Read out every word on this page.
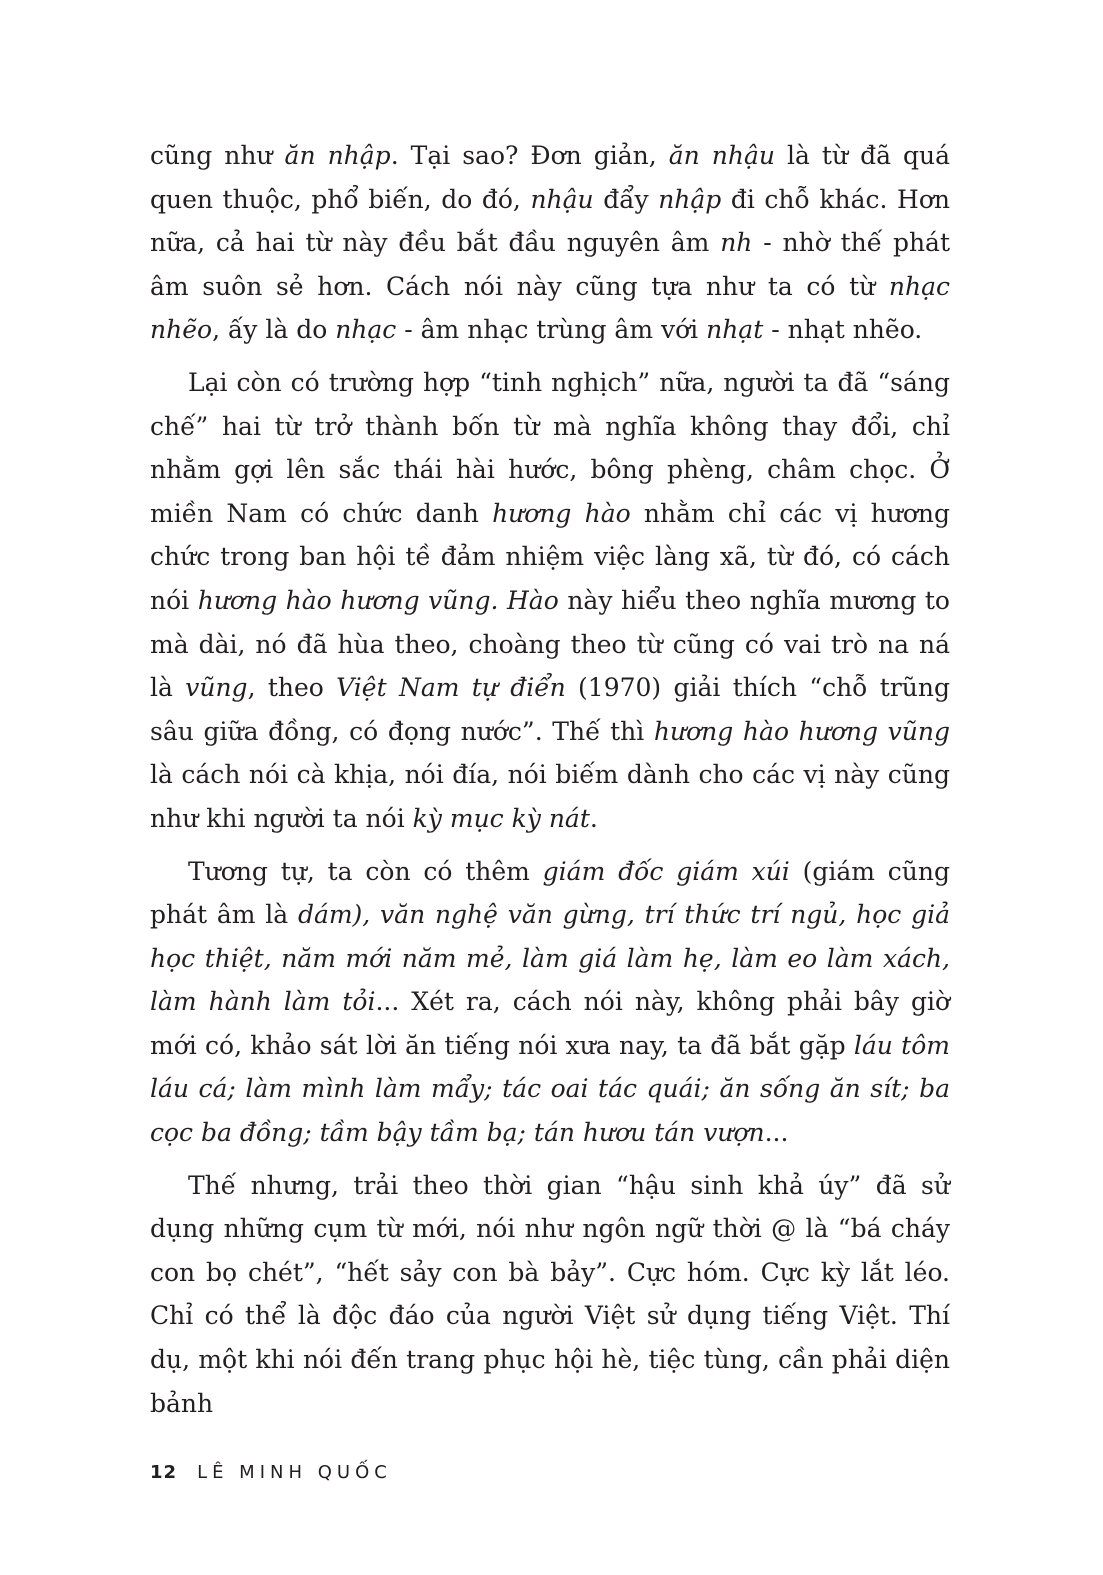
cũng như ăn nhập. Tại sao? Đơn giản, ăn nhậu là từ đã quá quen thuộc, phổ biến, do đó, nhậu đẩy nhập đi chỗ khác. Hơn nữa, cả hai từ này đều bắt đầu nguyên âm nh - nhờ thế phát âm suôn sẻ hơn. Cách nói này cũng tựa như ta có từ nhạc nhẽo, ấy là do nhạc - âm nhạc trùng âm với nhạt - nhạt nhẽo.

Lại còn có trường hợp “tinh nghịch” nữa, người ta đã “sáng chế” hai từ trở thành bốn từ mà nghĩa không thay đổi, chỉ nhằm gợi lên sắc thái hài hước, bông phèng, châm chọc. Ở miền Nam có chức danh hương hào nhằm chỉ các vị hương chức trong ban hội tề đảm nhiệm việc làng xã, từ đó, có cách nói hương hào hương vũng. Hào này hiểu theo nghĩa mương to mà dài, nó đã hùa theo, choàng theo từ cũng có vai trò na ná là vũng, theo Việt Nam tự điển (1970) giải thích “chỗ trũng sâu giữa đồng, có đọng nước”. Thế thì hương hào hương vũng là cách nói cà khịa, nói đía, nói biếm dành cho các vị này cũng như khi người ta nói kỳ mục kỳ nát.

Tương tự, ta còn có thêm giám đốc giám xúi (giám cũng phát âm là dám), văn nghệ văn gừng, trí thức trí ngủ, học giả học thiệt, năm mới năm mẻ, làm giá làm hẹ, làm eo làm xách, làm hành làm tỏi... Xét ra, cách nói này, không phải bây giờ mới có, khảo sát lời ăn tiếng nói xưa nay, ta đã bắt gặp láu tôm láu cá; làm mình làm mẩy; tác oai tác quái; ăn sống ăn sít; ba cọc ba đồng; tầm bậy tầm bạ; tán hươu tán vượn...

Thế nhưng, trải theo thời gian “hậu sinh khả úy” đã sử dụng những cụm từ mới, nói như ngôn ngữ thời @ là “bá cháy con bọ chét”, “hết sảy con bà bảy”. Cực hóm. Cực kỳ lắt léo. Chỉ có thể là độc đáo của người Việt sử dụng tiếng Việt. Thí dụ, một khi nói đến trang phục hội hè, tiệc tùng, cần phải diện bảnh

12 LÊ MINH QUỐC
